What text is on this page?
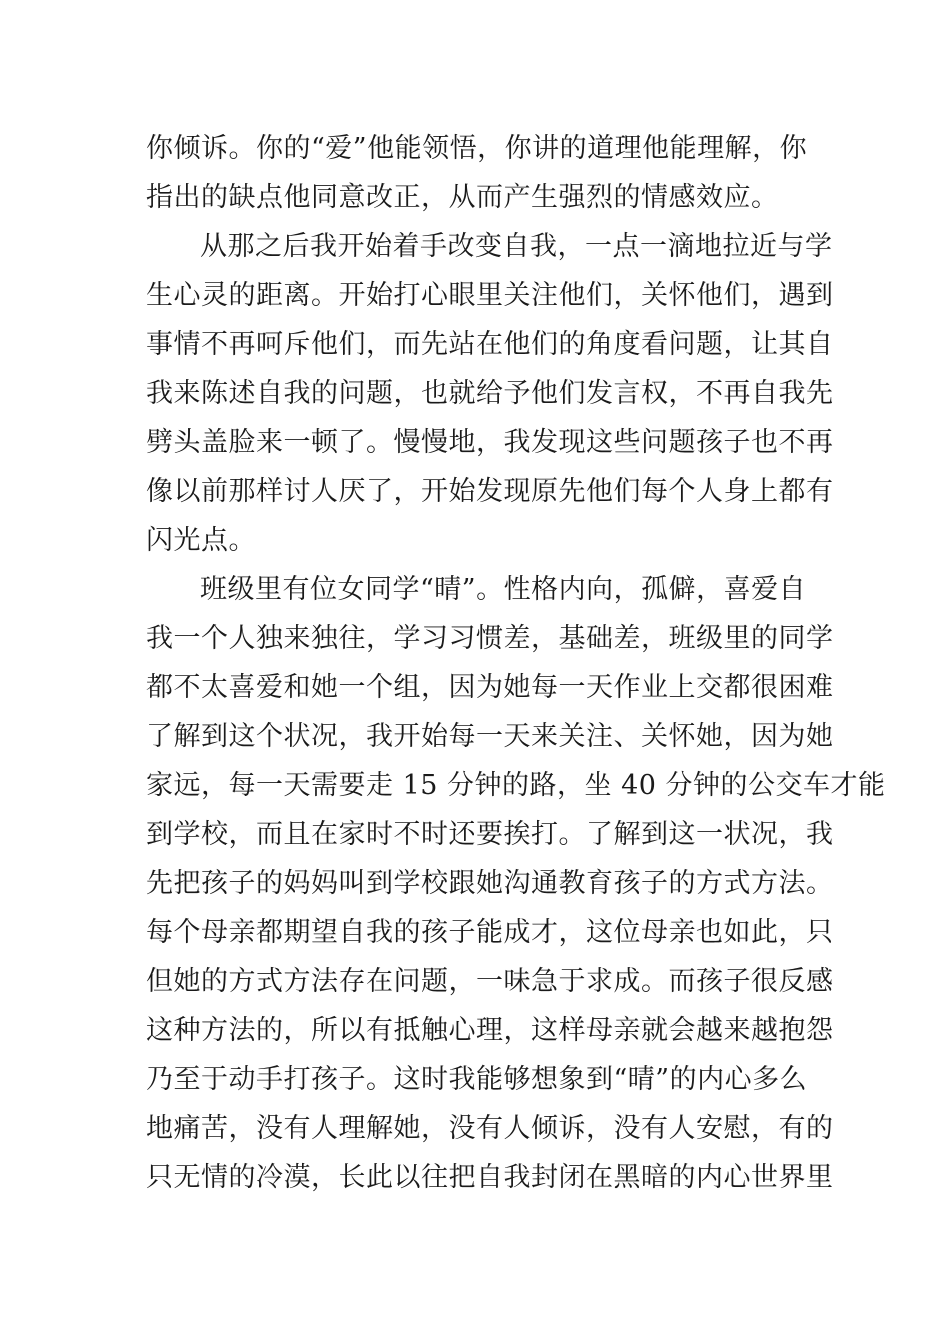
你倾诉。你的“爱”他能领悟，你讲的道理他能理解，你
指出的缺点他同意改正，从而产生强烈的情感效应。
从那之后我开始着手改变自我，一点一滴地拉近与学
生心灵的距离。开始打心眼里关注他们，关怀他们，遇到
事情不再呵斥他们，而先站在他们的角度看问题，让其自
我来陈述自我的问题，也就给予他们发言权，不再自我先
劈头盖脸来一顿了。慢慢地，我发现这些问题孩子也不再
像以前那样讨人厌了，开始发现原先他们每个人身上都有
闪光点。
班级里有位女同学“晴”。性格内向，孤僻，喜爱自
我一个人独来独往，学习习惯差，基础差，班级里的同学
都不太喜爱和她一个组，因为她每一天作业上交都很困难
了解到这个状况，我开始每一天来关注、关怀她，因为她
家远，每一天需要走 15 分钟的路，坐 40 分钟的公交车才能
到学校，而且在家时不时还要挨打。了解到这一状况，我
先把孩子的妈妈叫到学校跟她沟通教育孩子的方式方法。
每个母亲都期望自我的孩子能成才，这位母亲也如此，只
但她的方式方法存在问题，一味急于求成。而孩子很反感
这种方法的，所以有抵触心理，这样母亲就会越来越抱怨
乃至于动手打孩子。这时我能够想象到“晴”的内心多么
地痛苦，没有人理解她，没有人倾诉，没有人安慰，有的
只无情的冷漠，长此以往把自我封闭在黑暗的内心世界里
